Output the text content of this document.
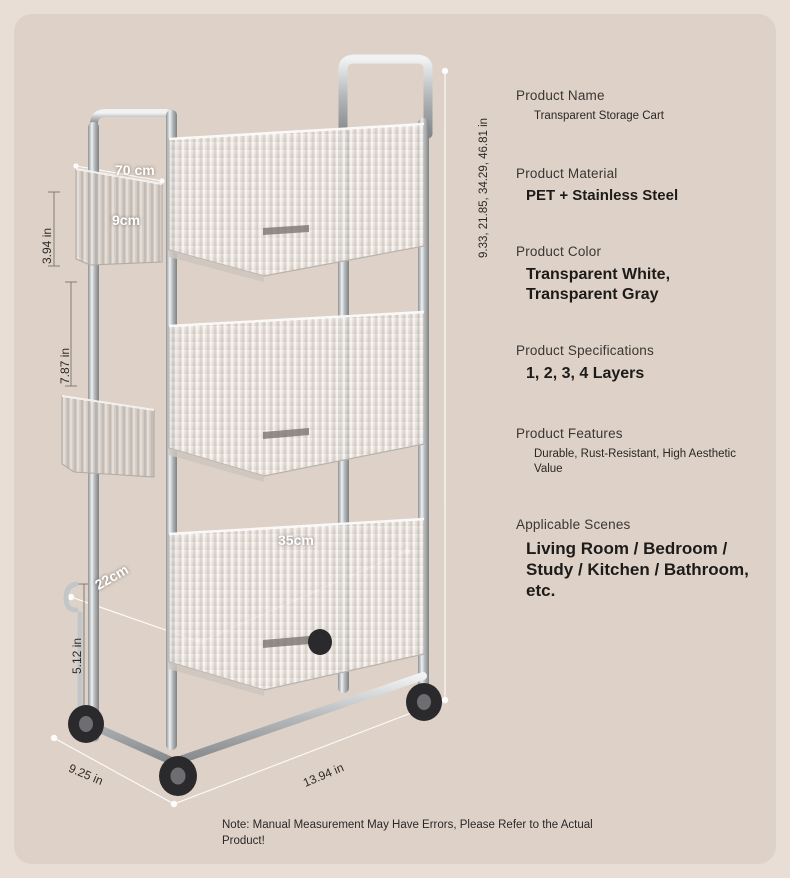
70 cm
9cm
3.94 in
7.87 in
5.12 in
35cm
22cm
9.25 in	13.94 in
9.33, 21.85, 34.29, 46.81 in
Product Name
Transparent Storage Cart
Product Material
PET + Stainless Steel
Product Color
Transparent White, Transparent Gray
Product Specifications
1, 2, 3, 4 Layers
Product Features
Durable, Rust-Resistant, High Aesthetic Value
Applicable Scenes
Living Room / Bedroom / Study / Kitchen / Bathroom, etc.
Note: Manual Measurement May Have Errors, Please Refer to the Actual Product!
